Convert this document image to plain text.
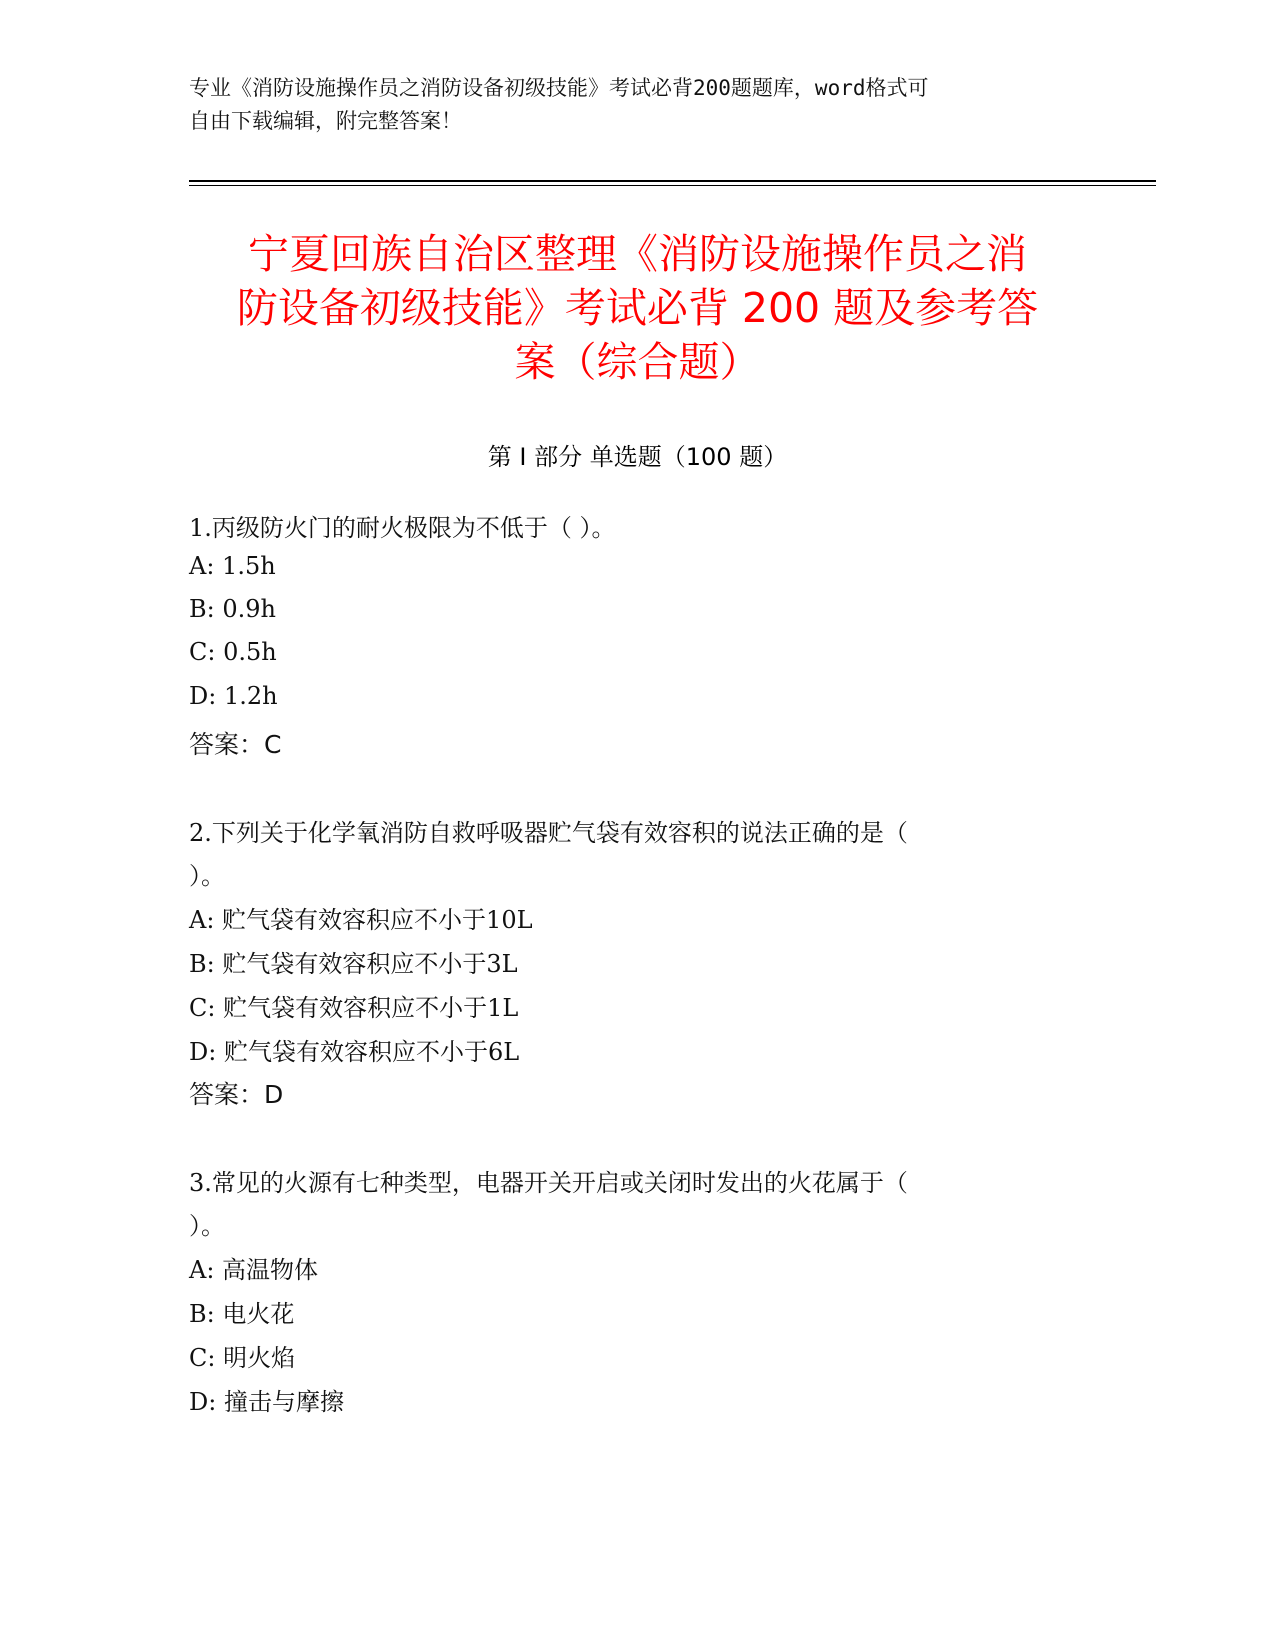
专业《消防设施操作员之消防设备初级技能》考试必背200题题库，word格式可
自由下载编辑，附完整答案！
宁夏回族自治区整理《消防设施操作员之消
防设备初级技能》考试必背 200 题及参考答
案（综合题）
第 I 部分 单选题（100 题）
1.丙级防火门的耐火极限为不低于（ ）。
A: 1.5h
B: 0.9h
C: 0.5h
D: 1.2h
答案：C
2.下列关于化学氧消防自救呼吸器贮气袋有效容积的说法正确的是（
）。
A: 贮气袋有效容积应不小于10L
B: 贮气袋有效容积应不小于3L
C: 贮气袋有效容积应不小于1L
D: 贮气袋有效容积应不小于6L
答案：D
3.常见的火源有七种类型，电器开关开启或关闭时发出的火花属于（
）。
A: 高温物体
B: 电火花
C: 明火焰
D: 撞击与摩擦
